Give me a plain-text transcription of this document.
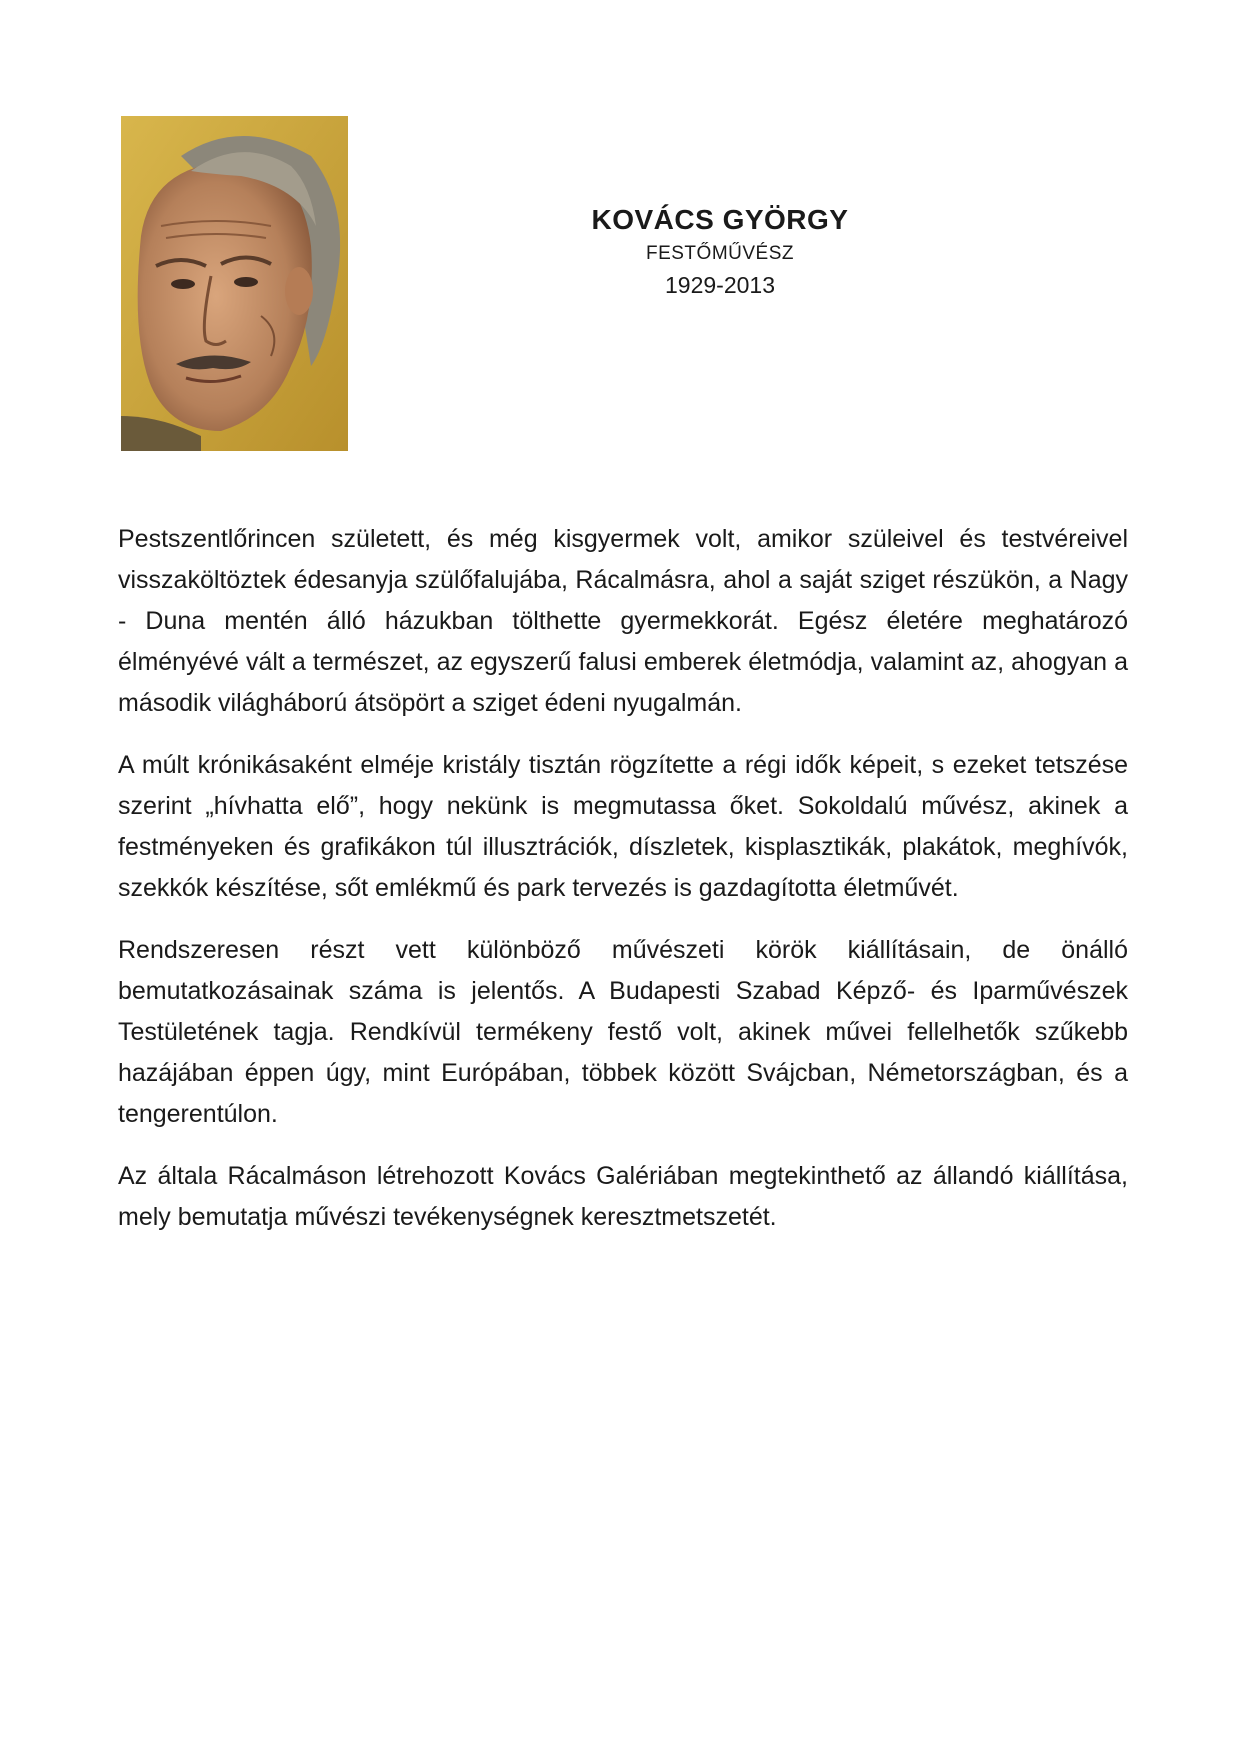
KOVÁCS GYÖRGY
FESTŐMŰVÉSZ
1929-2013

Pestszentlőrincen született, és még kisgyermek volt, amikor szüleivel és testvéreivel visszaköltöztek édesanyja szülőfalujába, Rácalmásra, ahol a saját sziget részükön, a Nagy - Duna mentén álló házukban tölthette gyermekkorát. Egész életére meghatározó élményévé vált a természet, az egyszerű falusi emberek életmódja, valamint az, ahogyan a második világháború átsöpört a sziget édeni nyugalmán.

A múlt krónikásaként elméje kristály tisztán rögzítette a régi idők képeit, s ezeket tetszése szerint „hívhatta elő”, hogy nekünk is megmutassa őket. Sokoldalú művész, akinek a festményeken és grafikákon túl illusztrációk, díszletek, kisplasztikák, plakátok, meghívók, szekkók készítése, sőt emlékmű és park tervezés is gazdagította életművét.

Rendszeresen részt vett különböző művészeti körök kiállításain, de önálló bemutatkozásainak száma is jelentős. A Budapesti Szabad Képző- és Iparművészek Testületének tagja. Rendkívül termékeny festő volt, akinek művei fellelhetők szűkebb hazájában éppen úgy, mint Európában, többek között Svájcban, Németországban, és a tengerentúlon.

Az általa Rácalmáson létrehozott Kovács Galériában megtekinthető az állandó kiállítása, mely bemutatja művészi tevékenységnek keresztmetszetét.
